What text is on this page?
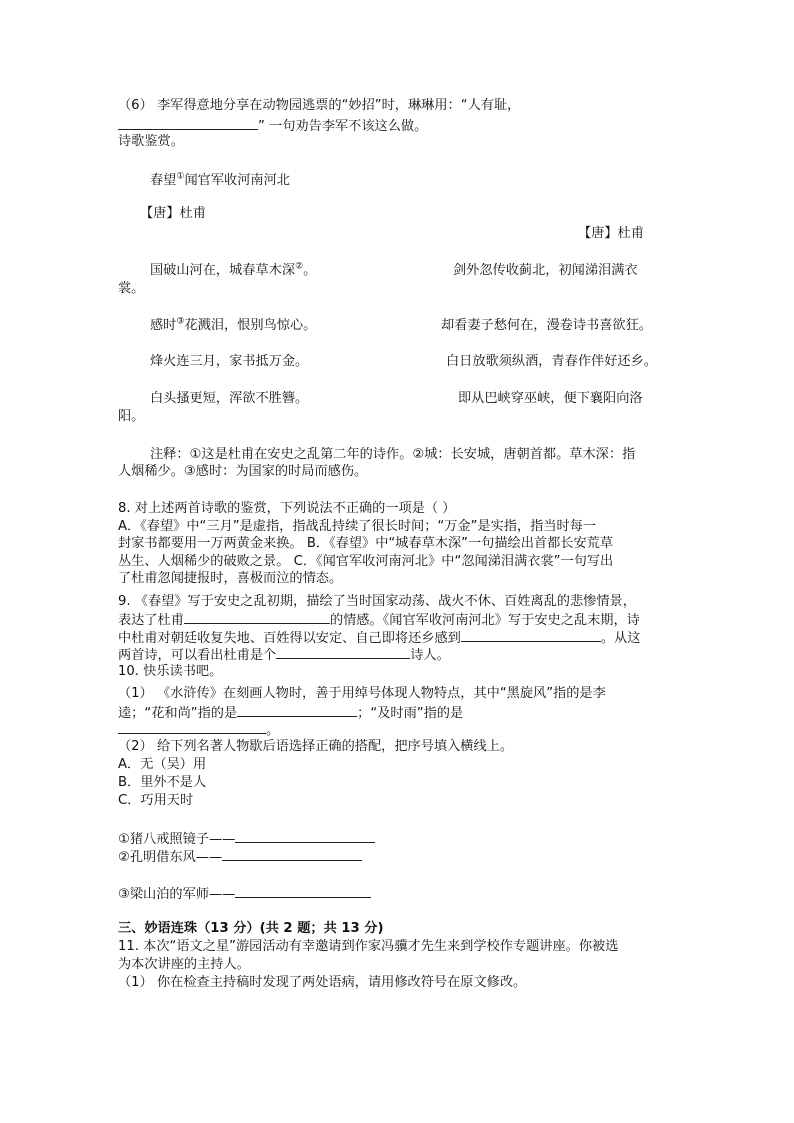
（6） 李军得意地分享在动物园逃票的“妙招”时，琳琳用：“人有耻，
” 一句劝告李军不该这么做。
诗歌鉴赏。
春望①闻官军收河南河北
【唐】杜甫
【唐】杜甫
国破山河在，城春草木深②。	剑外忽传收蓟北，初闻涕泪满衣
裳。
感时③花溅泪，恨别鸟惊心。	却看妻子愁何在，漫卷诗书喜欲狂。
烽火连三月，家书抵万金。	白日放歌须纵酒，青春作伴好还乡。
白头搔更短，浑欲不胜簪。	即从巴峡穿巫峡，便下襄阳向洛
阳。
注释：①这是杜甫在安史之乱第二年的诗作。②城：长安城，唐朝首都。草木深：指
人烟稀少。③感时：为国家的时局而感伤。
8. 对上述两首诗歌的鉴赏，下列说法不正确的一项是（ ）
A．《春望》中“三月”是虚指，指战乱持续了很长时间；“万金”是实指，指当时每一
封家书都要用一万两黄金来换。 B．《春望》中“城春草木深”一句描绘出首都长安荒草
丛生、人烟稀少的破败之景。 C．《闻官军收河南河北》中“忽闻涕泪满衣裳”一句写出
了杜甫忽闻捷报时，喜极而泣的情态。
9. 《春望》写于安史之乱初期，描绘了当时国家动荡、战火不休、百姓离乱的悲惨情景，
表达了杜甫	的情感。《闻官军收河南河北》写于安史之乱末期，诗
中杜甫对朝廷收复失地、百姓得以安定、自己即将还乡感到	。从这
两首诗，可以看出杜甫是个	诗人。
10. 快乐读书吧。
（1） 《水浒传》在刻画人物时，善于用绰号体现人物特点，其中“黑旋风”指的是李
逵；“花和尚”指的是	；“及时雨”指的是
。
（2） 给下列名著人物歇后语选择正确的搭配，把序号填入横线上。
A．无（吴）用
B．里外不是人
C．巧用天时
①猪八戒照镜子——
②孔明借东风——
③梁山泊的军师——
三、妙语连珠（13 分）(共 2 题；共 13 分)
11. 本次“语文之星”游园活动有幸邀请到作家冯骥才先生来到学校作专题讲座。你被选
为本次讲座的主持人。
（1） 你在检查主持稿时发现了两处语病，请用修改符号在原文修改。
